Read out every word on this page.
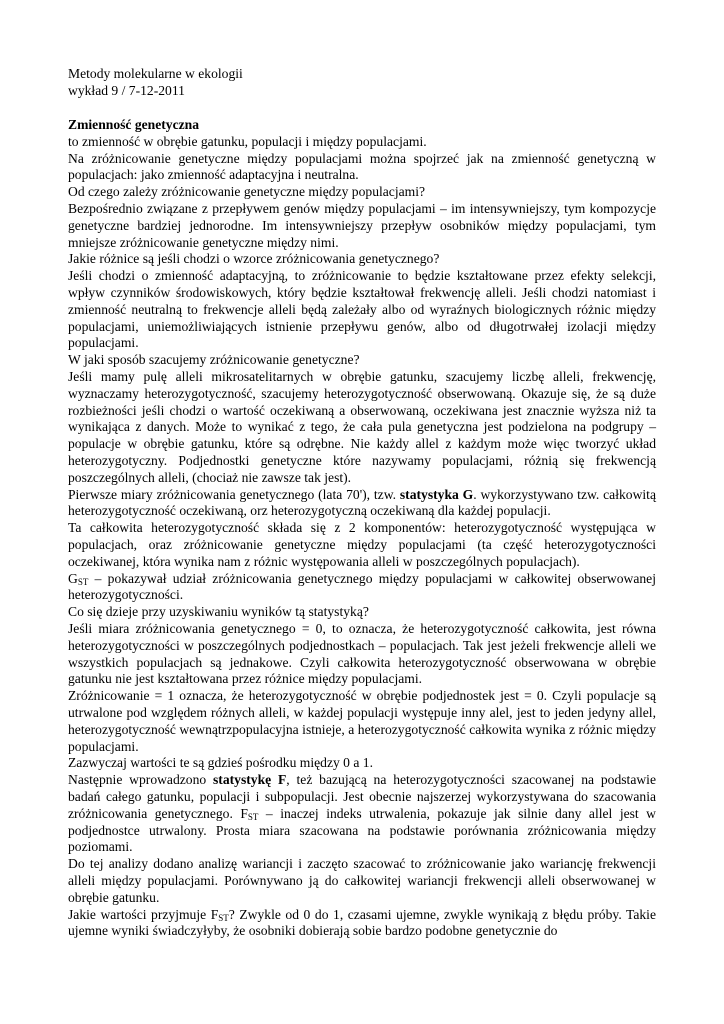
Metody molekularne w ekologii
wykład 9 / 7-12-2011
Zmienność genetyczna

to zmienność w obrębie gatunku, populacji i między populacjami.

Na zróżnicowanie genetyczne między populacjami można spojrzeć jak na zmienność genetyczną w populacjach: jako zmienność adaptacyjna i neutralna.

Od czego zależy zróżnicowanie genetyczne między populacjami?

Bezpośrednio związane z przepływem genów między populacjami – im intensywniejszy, tym kompozycje genetyczne bardziej jednorodne. Im intensywniejszy przepływ osobników między populacjami, tym mniejsze zróżnicowanie genetyczne między nimi.

Jakie różnice są jeśli chodzi o wzorce zróżnicowania genetycznego?

Jeśli chodzi o zmienność adaptacyjną, to zróżnicowanie to będzie kształtowane przez efekty selekcji, wpływ czynników środowiskowych, który będzie kształtował frekwencję alleli. Jeśli chodzi natomiast i zmienność neutralną to frekwencje alleli będą zależały albo od wyraźnych biologicznych różnic między populacjami, uniemożliwiających istnienie przepływu genów, albo od długotrwałej izolacji między populacjami.

W jaki sposób szacujemy zróżnicowanie genetyczne?

Jeśli mamy pulę alleli mikrosatelitarnych w obrębie gatunku, szacujemy liczbę alleli, frekwencję, wyznaczamy heterozygotyczność, szacujemy heterozygotyczność obserwowaną. Okazuje się, że są duże rozbieżności jeśli chodzi o wartość oczekiwaną a obserwowaną, oczekiwana jest znacznie wyższa niż ta wynikająca z danych. Może to wynikać z tego, że cała pula genetyczna jest podzielona na podgrupy – populacje w obrębie gatunku, które są odrębne. Nie każdy allel z każdym może więc tworzyć układ heterozygotyczny. Podjednostki genetyczne które nazywamy populacjami, różnią się frekwencją poszczególnych alleli, (chociaż nie zawsze tak jest).

Pierwsze miary zróżnicowania genetycznego (lata 70'), tzw. statystyka G. wykorzystywano tzw. całkowitą heterozygotyczność oczekiwaną, orz heterozygotyczną oczekiwaną dla każdej populacji.

Ta całkowita heterozygotyczność składa się z 2 komponentów: heterozygotyczność występująca w populacjach, oraz zróżnicowanie genetyczne między populacjami (ta część heterozygotyczności oczekiwanej, która wynika nam z różnic występowania alleli w poszczególnych populacjach).

$G_{ST}$ – pokazywał udział zróżnicowania genetycznego między populacjami w całkowitej obserwowanej heterozygotyczności.

Co się dzieje przy uzyskiwaniu wyników tą statystyką?

Jeśli miara zróżnicowania genetycznego = 0, to oznacza, że heterozygotyczność całkowita, jest równa heterozygotyczności w poszczególnych podjednostkach – populacjach. Tak jest jeżeli frekwencje alleli we wszystkich populacjach są jednakowe. Czyli całkowita heterozygotyczność obserwowana w obrębie gatunku nie jest kształtowana przez różnice między populacjami.

Zróżnicowanie = 1 oznacza, że heterozygotyczność w obrębie podjednostek jest = 0. Czyli populacje są utrwalone pod względem różnych alleli, w każdej populacji występuje inny alel, jest to jeden jedyny allel, heterozygotyczność wewnątrzpopulacyjna istnieje, a heterozygotyczność całkowita wynika z różnic między populacjami.

Zazwyczaj wartości te są gdzieś pośrodku między 0 a 1.

Następnie wprowadzono statystykę F, też bazującą na heterozygotyczności szacowanej na podstawie badań całego gatunku, populacji i subpopulacji. Jest obecnie najszerzej wykorzystywana do szacowania zróżnicowania genetycznego. $F_{ST}$ – inaczej indeks utrwalenia, pokazuje jak silnie dany allel jest w podjednostce utrwalony. Prosta miara szacowana na podstawie porównania zróżnicowania między poziomami.

Do tej analizy dodano analizę wariancji i zaczęto szacować to zróżnicowanie jako wariancję frekwencji alleli między populacjami. Porównywano ją do całkowitej wariancji frekwencji alleli obserwowanej w obrębie gatunku.

Jakie wartości przyjmuje $F_{ST}$? Zwykle od 0 do 1, czasami ujemne, zwykle wynikają z błędu próby. Takie ujemne wyniki świadczyłyby, że osobniki dobierają sobie bardzo podobne genetycznie do
